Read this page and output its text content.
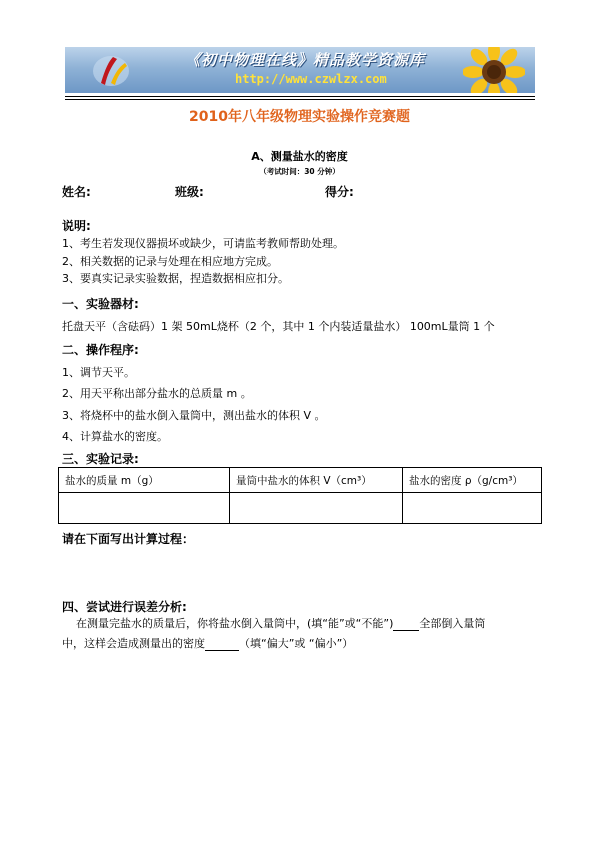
《初中物理在线》精品教学资源库
http://www.czwlzx.com
2010年八年级物理实验操作竞赛题
A、测量盐水的密度
（考试时间：30 分钟）
姓名:	班级:	得分:
说明:
1、考生若发现仪器损坏或缺少，可请监考教师帮助处理。
2、相关数据的记录与处理在相应地方完成。
3、要真实记录实验数据，捏造数据相应扣分。
一、实验器材:
托盘天平（含砝码）1 架 50mL烧杯（2 个，其中 1 个内装适量盐水） 100mL量筒 1 个
二、操作程序:
1、调节天平。
2、用天平称出部分盐水的总质量 m 。
3、将烧杯中的盐水倒入量筒中，测出盐水的体积 V 。
4、计算盐水的密度。
三、实验记录:
盐水的质量 m（g）	量筒中盐水的体积 V（cm³）	盐水的密度 ρ（g/cm³）

请在下面写出计算过程：
四、尝试进行误差分析:
在测量完盐水的质量后，你将盐水倒入量筒中，(填“能”或“不能”) 全部倒入量筒
中，这样会造成测量出的密度	（填“偏大”或 “偏小”）
